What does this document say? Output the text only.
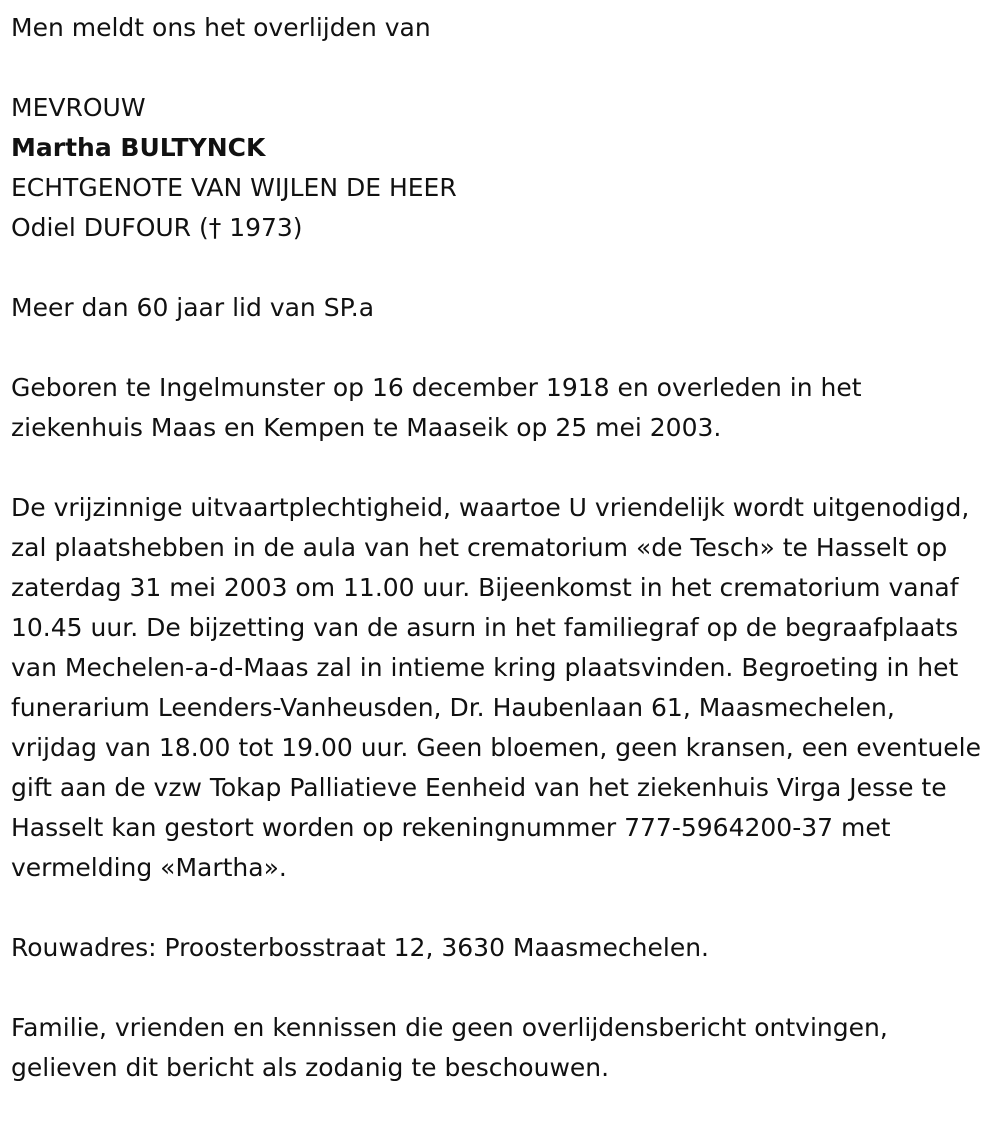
Men meldt ons het overlijden van

MEVROUW

Martha BULTYNCK

ECHTGENOTE VAN WIJLEN DE HEER

Odiel DUFOUR († 1973)

Meer dan 60 jaar lid van SP.a

Geboren te Ingelmunster op 16 december 1918 en overleden in het ziekenhuis Maas en Kempen te Maaseik op 25 mei 2003.

De vrijzinnige uitvaartplechtigheid, waartoe U vriendelijk wordt uitgenodigd, zal plaatshebben in de aula van het crematorium «de Tesch» te Hasselt op zaterdag 31 mei 2003 om 11.00 uur. Bijeenkomst in het crematorium vanaf 10.45 uur. De bijzetting van de asurn in het familiegraf op de begraafplaats van Mechelen-a-d-Maas zal in intieme kring plaatsvinden. Begroeting in het funerarium Leenders-Vanheusden, Dr. Haubenlaan 61, Maasmechelen, vrijdag van 18.00 tot 19.00 uur. Geen bloemen, geen kransen, een eventuele gift aan de vzw Tokap Palliatieve Eenheid van het ziekenhuis Virga Jesse te Hasselt kan gestort worden op rekeningnummer 777-5964200-37 met vermelding «Martha».

Rouwadres: Proosterbosstraat 12, 3630 Maasmechelen.

Familie, vrienden en kennissen die geen overlijdensbericht ontvingen, gelieven dit bericht als zodanig te beschouwen.
